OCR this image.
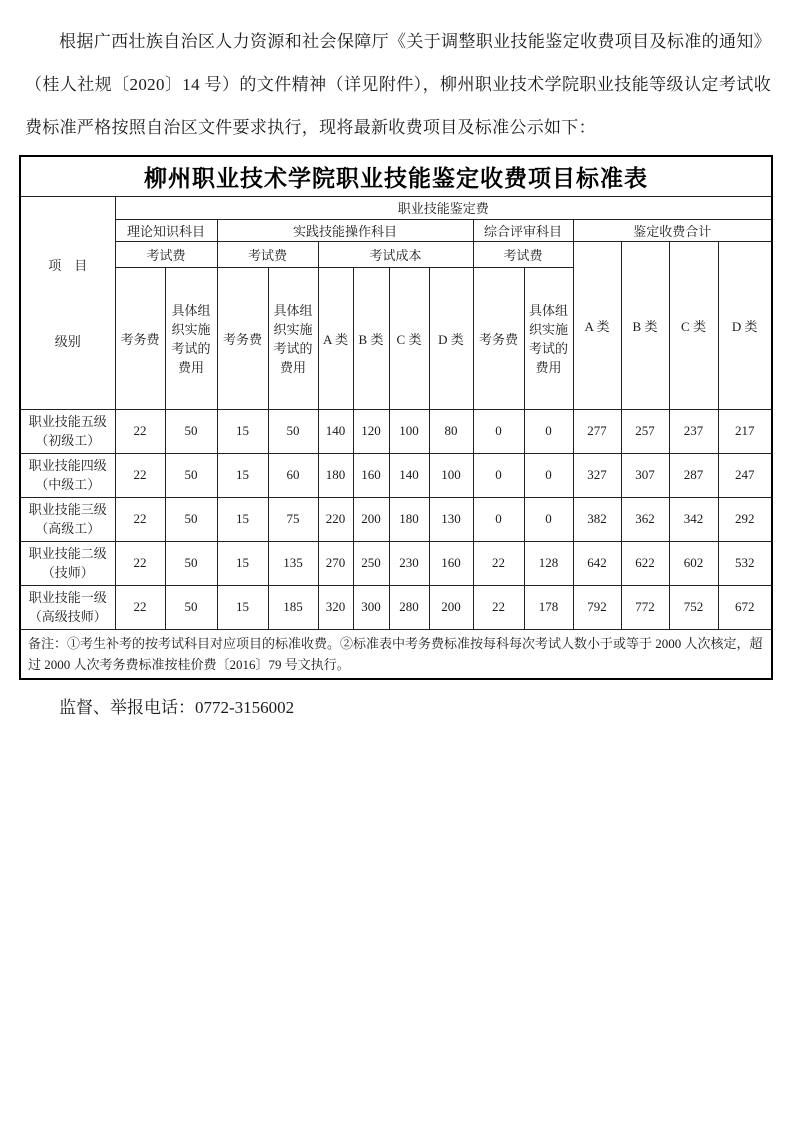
根据广西壮族自治区人力资源和社会保障厅《关于调整职业技能鉴定收费项目及标准的通知》（桂人社规〔2020〕14 号）的文件精神（详见附件），柳州职业技术学院职业技能等级认定考试收费标准严格按照自治区文件要求执行，现将最新收费项目及标准公示如下：

柳州职业技术学院职业技能鉴定收费项目标准表														

项　目
级别	职业技能鉴定费													
	理论知识科目		实践技能操作科目						综合评审科目		鉴定收费合计			
	考试费		考试费		考试成本				考试费		A 类	B 类	C 类	D 类
	考务费	具体组织实施考试的费用	考务费	具体组织实施考试的费用	A 类	B 类	C 类	D 类	考务费	具体组织实施考试的费用				

职业技能五级
（初级工）	22	50	15	50	140	120	100	80	0	0	277	257	237	217

职业技能四级
（中级工）	22	50	15	60	180	160	140	100	0	0	327	307	287	247

职业技能三级
（高级工）	22	50	15	75	220	200	180	130	0	0	382	362	342	292

职业技能二级
（技师）	22	50	15	135	270	250	230	160	22	128	642	622	602	532

职业技能一级
（高级技师）	22	50	15	185	320	300	280	200	22	178	792	772	752	672
备注：①考生补考的按考试科目对应项目的标准收费。②标准表中考务费标准按每科每次考试人数小于或等于 2000 人次核定，超过 2000 人次考务费标准按桂价费〔2016〕79 号文执行。														

监督、举报电话：0772-3156002
